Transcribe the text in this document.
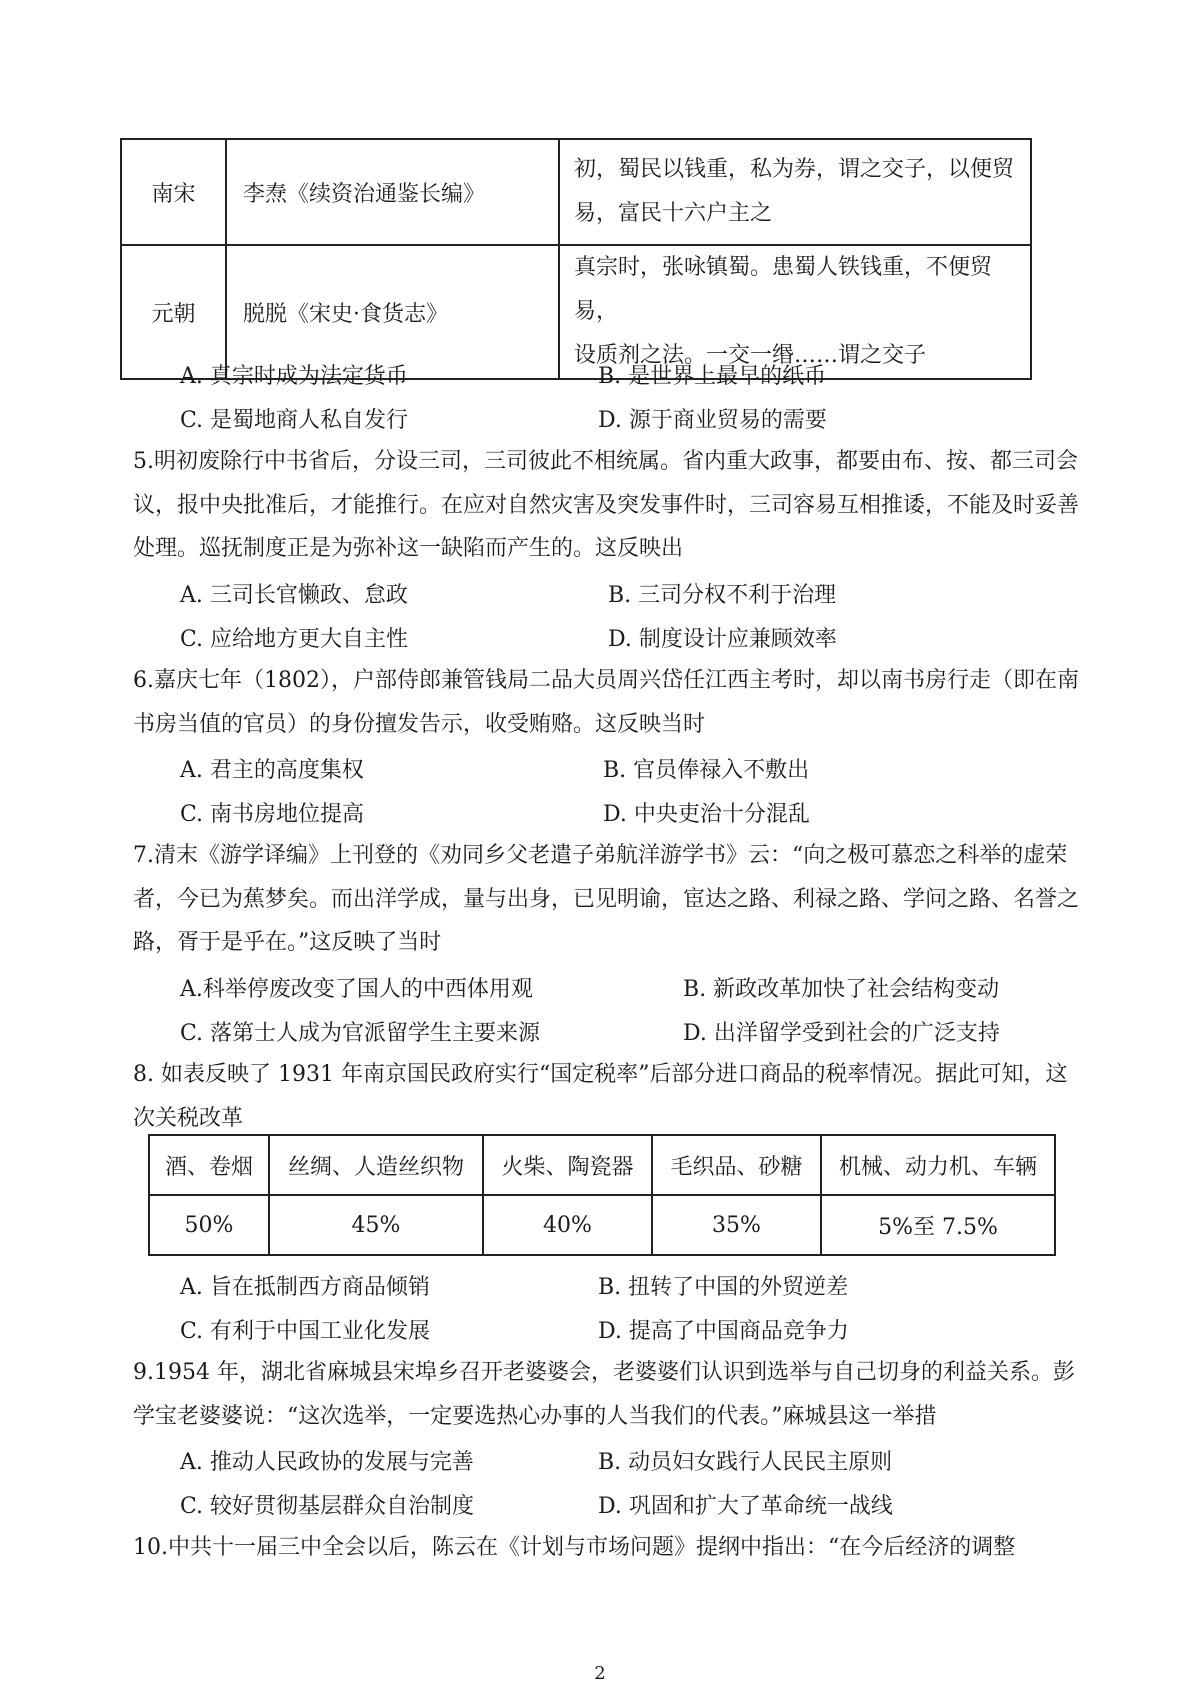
南宋	李焘《续资治通鉴长编》	初，蜀民以钱重，私为券，谓之交子，以便贸
易，富民十六户主之

元朝	脱脱《宋史·食货志》	真宗时，张咏镇蜀。患蜀人铁钱重，不便贸易，
设质剂之法。一交一缗……谓之交子
A. 真宗时成为法定货币	B. 是世界上最早的纸币
C. 是蜀地商人私自发行	D. 源于商业贸易的需要
5.明初废除行中书省后，分设三司，三司彼此不相统属。省内重大政事，都要由布、按、都三司会议，报中央批准后，才能推行。在应对自然灾害及突发事件时，三司容易互相推诿，不能及时妥善处理。巡抚制度正是为弥补这一缺陷而产生的。这反映出
A. 三司长官懒政、怠政	B. 三司分权不利于治理
C. 应给地方更大自主性	D. 制度设计应兼顾效率
6.嘉庆七年（1802），户部侍郎兼管钱局二品大员周兴岱任江西主考时，却以南书房行走（即在南书房当值的官员）的身份擅发告示，收受贿赂。这反映当时
A. 君主的高度集权	B. 官员俸禄入不敷出
C. 南书房地位提高	D. 中央吏治十分混乱
7.清末《游学译编》上刊登的《劝同乡父老遣子弟航洋游学书》云：“向之极可慕恋之科举的虚荣者，今已为蕉梦矣。而出洋学成，量与出身，已见明谕，宦达之路、利禄之路、学问之路、名誉之路，胥于是乎在。”这反映了当时
A.科举停废改变了国人的中西体用观	B. 新政改革加快了社会结构变动
C. 落第士人成为官派留学生主要来源	D. 出洋留学受到社会的广泛支持
8. 如表反映了 1931 年南京国民政府实行“国定税率”后部分进口商品的税率情况。据此可知，这次关税改革
酒、卷烟	丝绸、人造丝织物	火柴、陶瓷器	毛织品、砂糖	机械、动力机、车辆
50%	45%	40%	35%	5%至 7.5%
A. 旨在抵制西方商品倾销	B. 扭转了中国的外贸逆差
C. 有利于中国工业化发展	D. 提高了中国商品竞争力
9.1954 年，湖北省麻城县宋埠乡召开老婆婆会，老婆婆们认识到选举与自己切身的利益关系。彭学宝老婆婆说：“这次选举，一定要选热心办事的人当我们的代表。”麻城县这一举措
A. 推动人民政协的发展与完善	B. 动员妇女践行人民民主原则
C. 较好贯彻基层群众自治制度	D. 巩固和扩大了革命统一战线
10.中共十一届三中全会以后，陈云在《计划与市场问题》提纲中指出：“在今后经济的调整
2
